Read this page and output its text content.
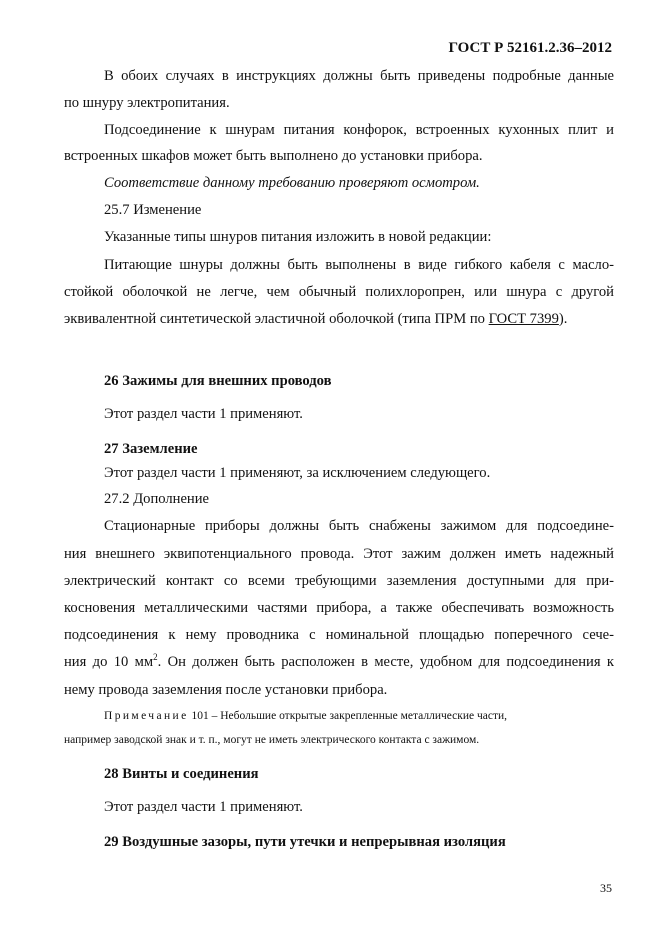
ГОСТ Р 52161.2.36–2012
В обоих случаях в инструкциях должны быть приведены подробные данные
по шнуру электропитания.
Подсоединение к шнурам питания конфорок, встроенных кухонных плит и
встроенных шкафов может быть выполнено до установки прибора.
Соответствие данному требованию проверяют осмотром.
25.7 Изменение
Указанные типы шнуров питания изложить в новой редакции:
Питающие шнуры должны быть выполнены в виде гибкого кабеля с масло-
стойкой оболочкой не легче, чем обычный полихлоропрен, или шнура с другой
эквивалентной синтетической эластичной оболочкой (типа ПРМ по ГОСТ 7399).
26 Зажимы для внешних проводов
Этот раздел части 1 применяют.
27 Заземление
Этот раздел части 1 применяют, за исключением следующего.
27.2 Дополнение
Стационарные приборы должны быть снабжены зажимом для подсоедине-
ния внешнего эквипотенциального провода. Этот зажим должен иметь надежный
электрический контакт со всеми требующими заземления доступными для при-
косновения металлическими частями прибора, а также обеспечивать возможность
подсоединения к нему проводника с номинальной площадью поперечного сече-
ния до 10 $мм^2$. Он должен быть расположен в месте, удобном для подсоединения к
нему провода заземления после установки прибора.
Примечание 101 – Небольшие открытые закрепленные металлические части,
например заводской знак и т. п., могут не иметь электрического контакта с зажимом.
28 Винты и соединения
Этот раздел части 1 применяют.
29 Воздушные зазоры, пути утечки и непрерывная изоляция
35
